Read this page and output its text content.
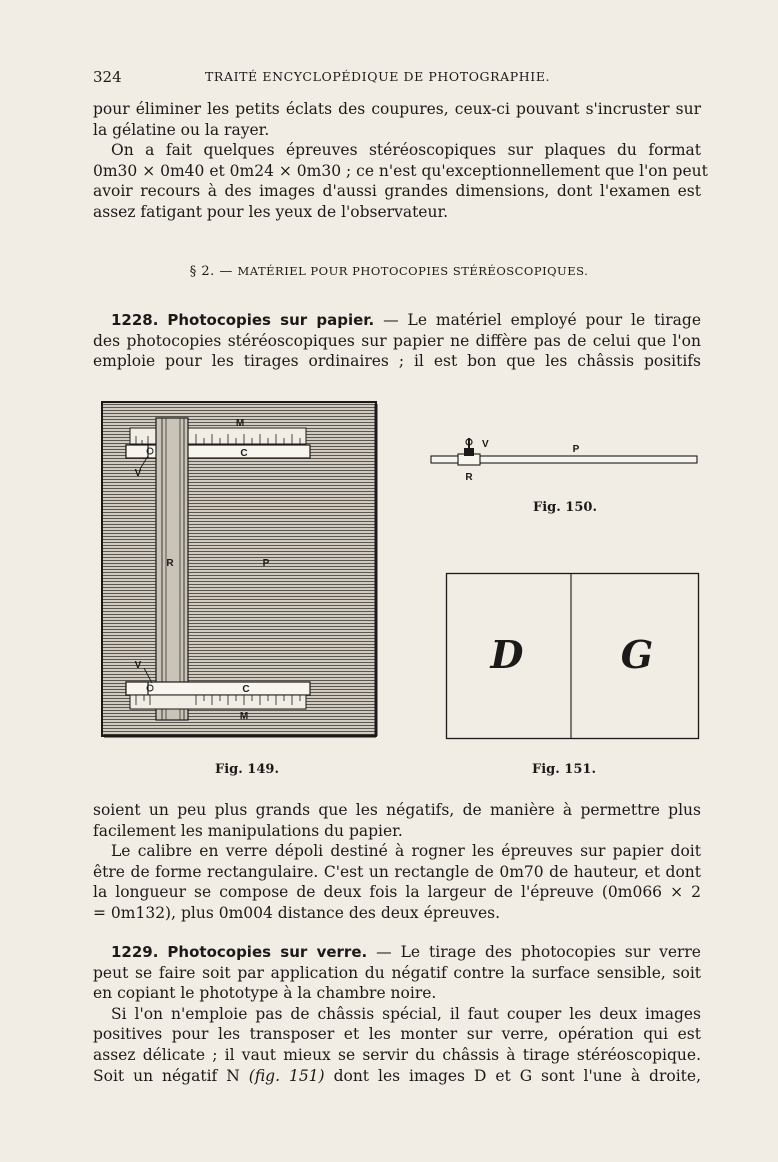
324	TRAITÉ ENCYCLOPÉDIQUE DE PHOTOGRAPHIE.

pour éliminer les petits éclats des coupures, ceux-ci pouvant s'incruster sur
la gélatine ou la rayer.
On a fait quelques épreuves stéréoscopiques sur plaques du format
0m30 × 0m40 et 0m24 × 0m30 ; ce n'est qu'exceptionnellement que l'on peut
avoir recours à des images d'aussi grandes dimensions, dont l'examen est
assez fatigant pour les yeux de l'observateur.

§ 2. — MATÉRIEL POUR PHOTOCOPIES STÉRÉOSCOPIQUES.

1228. Photocopies sur papier. — Le matériel employé pour le tirage
des photocopies stéréoscopiques sur papier ne diffère pas de celui que l'on
emploie pour les tirages ordinaires ; il est bon que les châssis positifs

M
C
V
R	P
V
C
M
Fig. 149.
V	P
R
Fig. 150.
D	G
Fig. 151.

soient un peu plus grands que les négatifs, de manière à permettre plus
facilement les manipulations du papier.
Le calibre en verre dépoli destiné à rogner les épreuves sur papier doit
être de forme rectangulaire. C'est un rectangle de 0m70 de hauteur, et dont
la longueur se compose de deux fois la largeur de l'épreuve (0m066 × 2
= 0m132), plus 0m004 distance des deux épreuves.

1229. Photocopies sur verre. — Le tirage des photocopies sur verre
peut se faire soit par application du négatif contre la surface sensible, soit
en copiant le phototype à la chambre noire.
Si l'on n'emploie pas de châssis spécial, il faut couper les deux images
positives pour les transposer et les monter sur verre, opération qui est
assez délicate ; il vaut mieux se servir du châssis à tirage stéréoscopique.
Soit un négatif N (fig. 151) dont les images D et G sont l'une à droite,
